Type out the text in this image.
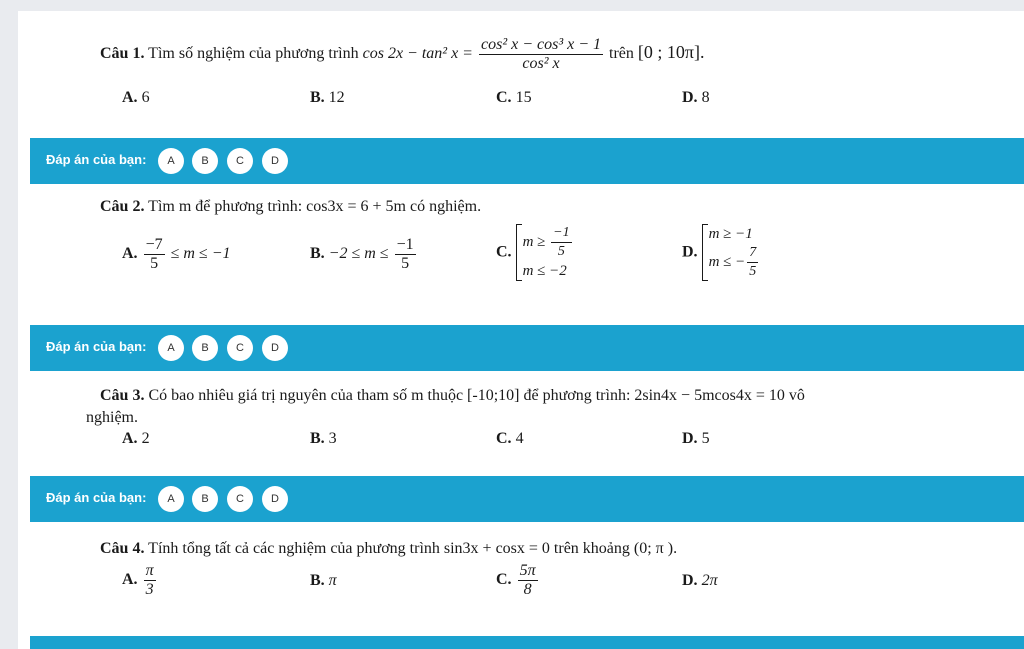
Câu 1. Tìm số nghiệm của phương trình cos 2x − tan² $x = \frac{\text{cos² x − cos³ x − 1}}{\text{cos² x}}$ trên [0 ; 10π].
A. 6	B. 12	C. 15	D. 8
Đáp án của bạn:	A	B	C	D
Câu 2. Tìm m để phương trình: cos3x = 6 + 5m có nghiệm.
A. $\frac{-7}{5} \le m \le -1$	B. $-2 \le m \le \frac{-1}{5}$	C.
$m \ge \frac{-1}{5}$
m ≤ −2
D.
m ≥ −1
m ≤ − $\frac{7}{5}$
Đáp án của bạn:	A	B	C	D
Câu 3. Có bao nhiêu giá trị nguyên của tham số m thuộc [-10;10] để phương trình: 2sin4x − 5mcos4x = 10 vô
nghiệm.
A. 2	B. 3	C. 4	D. 5
Đáp án của bạn:	A	B	C	D
Câu 4. Tính tổng tất cả các nghiệm của phương trình sin3x + cosx = 0 trên khoảng (0; π ).
A. $\frac{\pi}{3}$	B. π	C. $\frac{5\pi}{8}$	D. 2π
